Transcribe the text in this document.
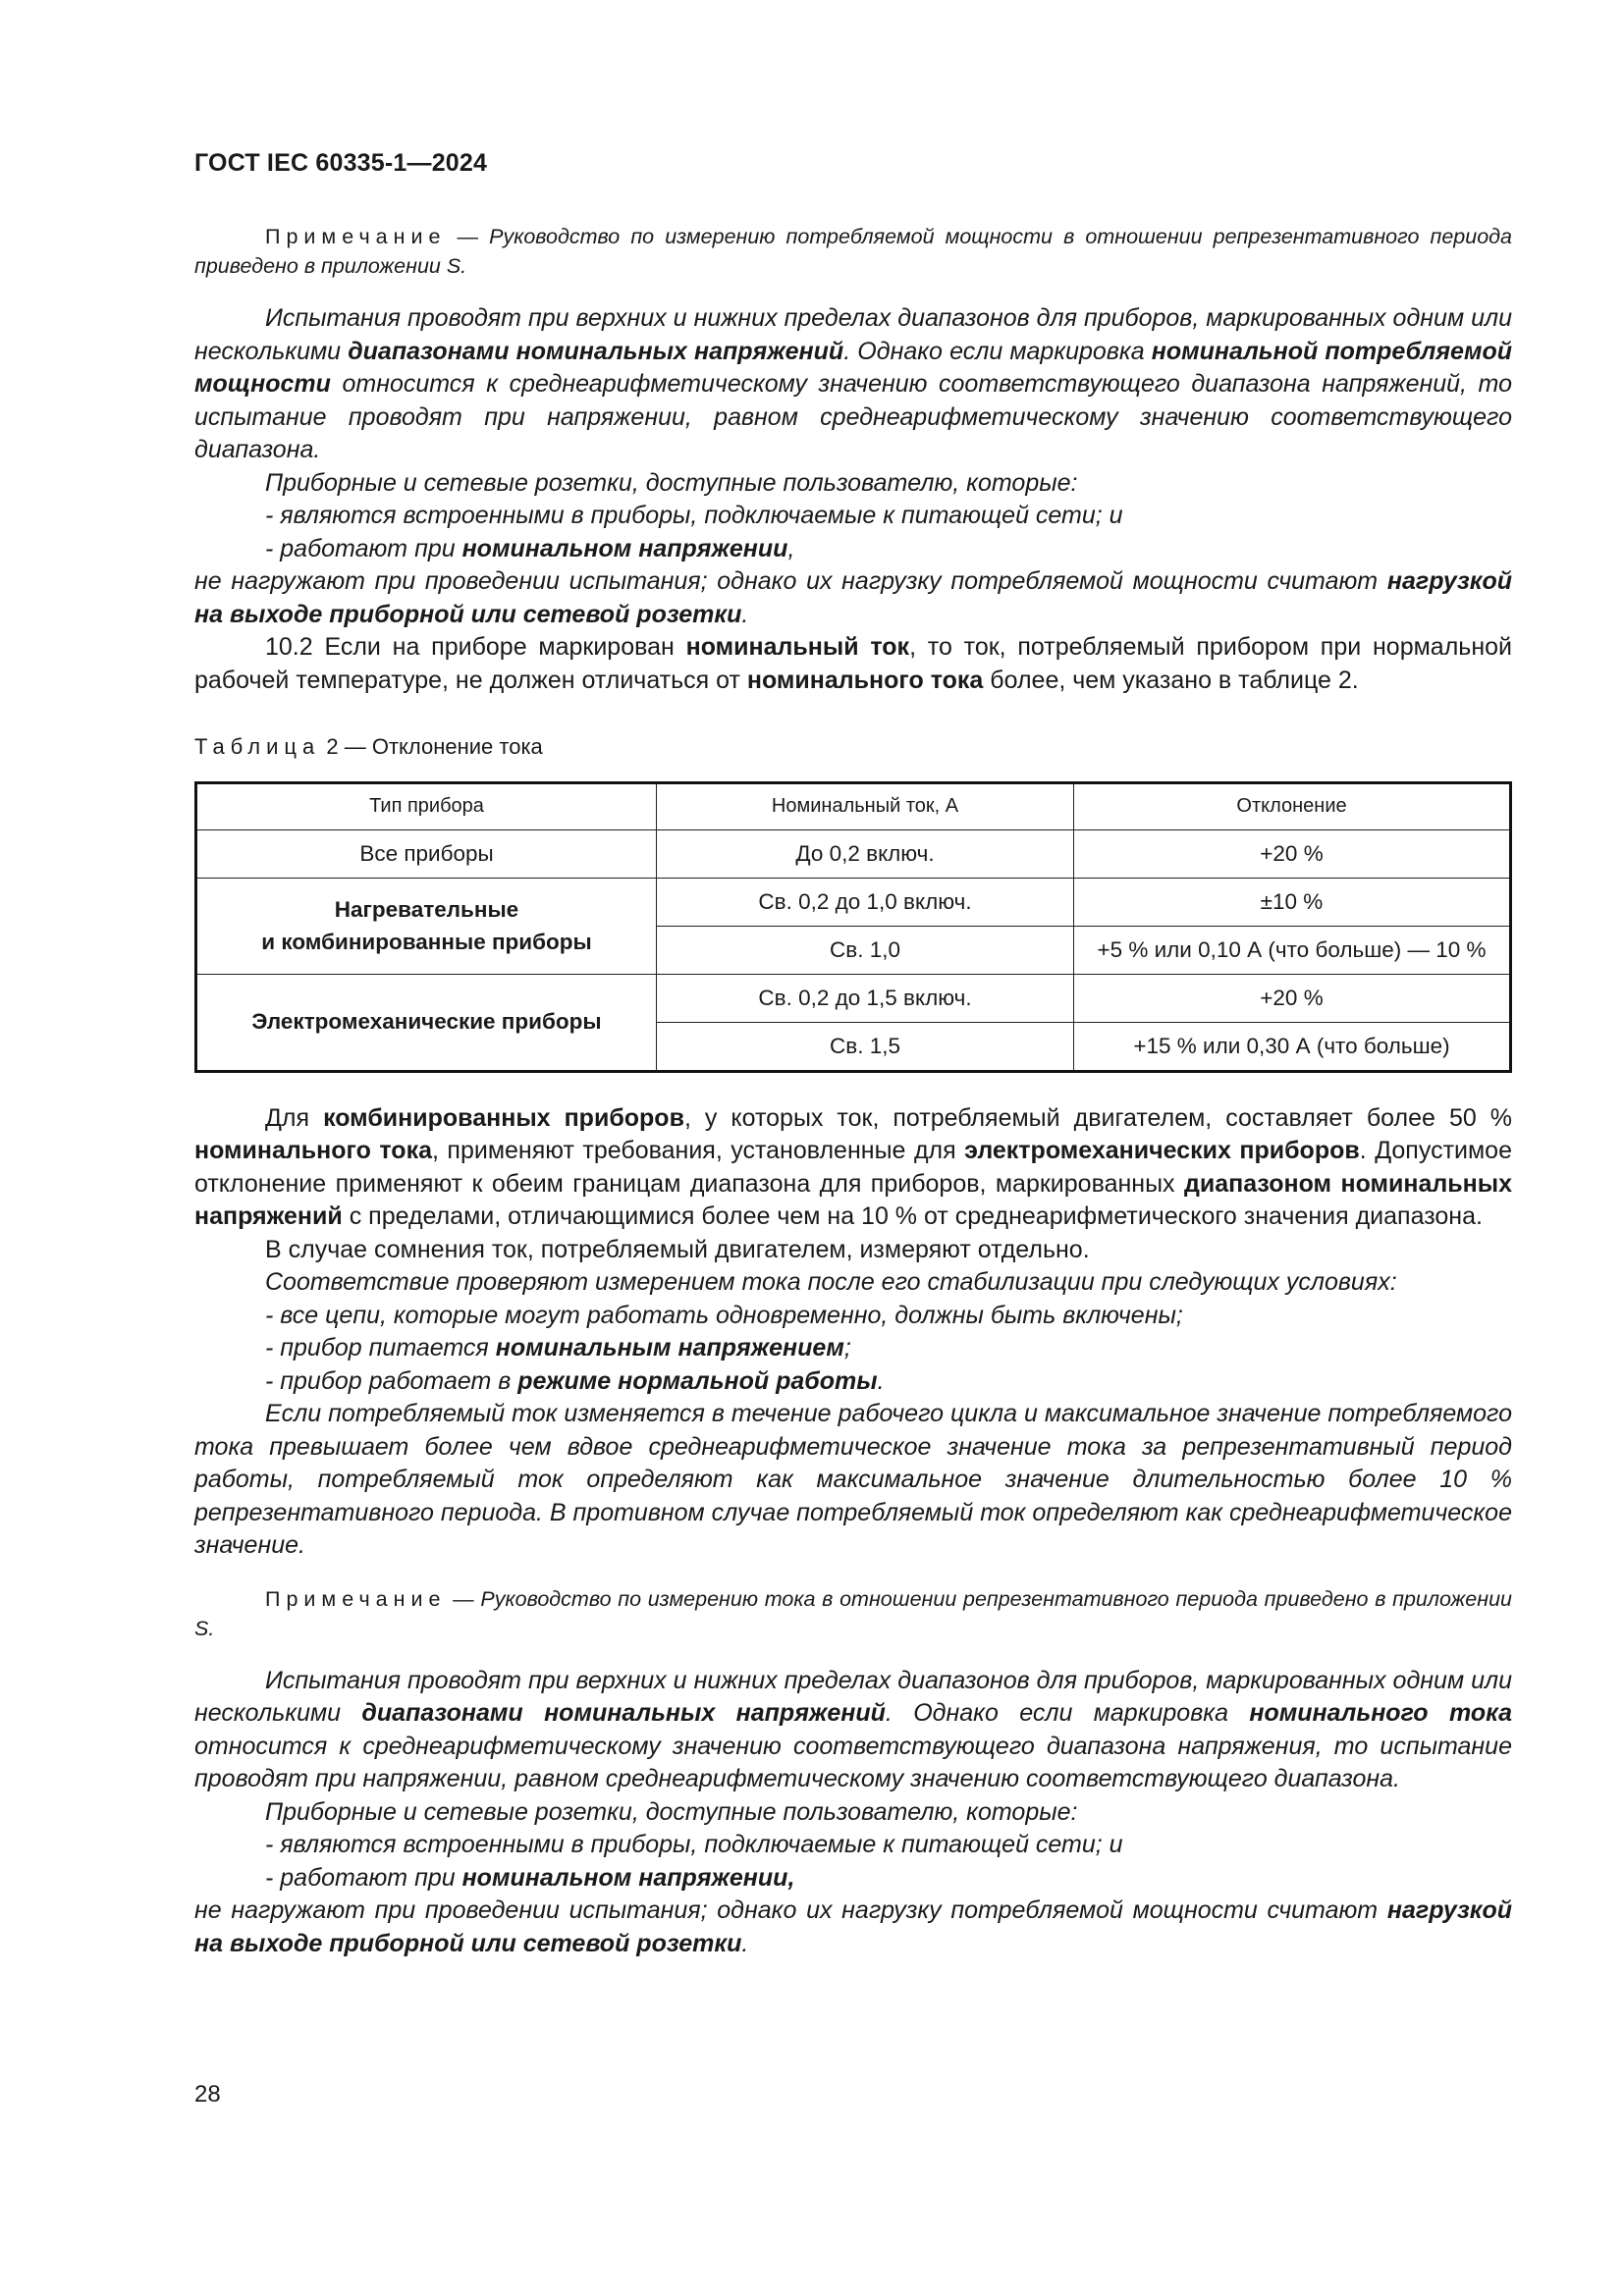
ГОСТ IEC 60335-1—2024

Примечание — Руководство по измерению потребляемой мощности в отношении репрезентативного периода приведено в приложении S.

Испытания проводят при верхних и нижних пределах диапазонов для приборов, маркированных одним или несколькими диапазонами номинальных напряжений. Однако если маркировка номинальной потребляемой мощности относится к среднеарифметическому значению соответствующего диапазона напряжений, то испытание проводят при напряжении, равном среднеарифметическому значению соответствующего диапазона.

Приборные и сетевые розетки, доступные пользователю, которые:

- являются встроенными в приборы, подключаемые к питающей сети; и

- работают при номинальном напряжении,

не нагружают при проведении испытания; однако их нагрузку потребляемой мощности считают нагрузкой на выходе приборной или сетевой розетки.

10.2 Если на приборе маркирован номинальный ток, то ток, потребляемый прибором при нормальной рабочей температуре, не должен отличаться от номинального тока более, чем указано в таблице 2.

Таблица 2 — Отклонение тока

Тип прибора	Номинальный ток, А	Отклонение
Все приборы	До 0,2 включ.	+20 %

Нагревательные
и комбинированные приборы	Св. 0,2 до 1,0 включ.	±10 %
	Св. 1,0	+5 % или 0,10 А (что больше) — 10 %
Электромеханические приборы	Св. 0,2 до 1,5 включ.	+20 %
	Св. 1,5	+15 % или 0,30 А (что больше)

Для комбинированных приборов, у которых ток, потребляемый двигателем, составляет более 50 % номинального тока, применяют требования, установленные для электромеханических приборов. Допустимое отклонение применяют к обеим границам диапазона для приборов, маркированных диапазоном номинальных напряжений с пределами, отличающимися более чем на 10 % от среднеарифметического значения диапазона.

В случае сомнения ток, потребляемый двигателем, измеряют отдельно.

Соответствие проверяют измерением тока после его стабилизации при следующих условиях:

- все цепи, которые могут работать одновременно, должны быть включены;

- прибор питается номинальным напряжением;

- прибор работает в режиме нормальной работы.

Если потребляемый ток изменяется в течение рабочего цикла и максимальное значение потребляемого тока превышает более чем вдвое среднеарифметическое значение тока за репрезентативный период работы, потребляемый ток определяют как максимальное значение длительностью более 10 % репрезентативного периода. В противном случае потребляемый ток определяют как среднеарифметическое значение.

Примечание — Руководство по измерению тока в отношении репрезентативного периода приведено в приложении S.

Испытания проводят при верхних и нижних пределах диапазонов для приборов, маркированных одним или несколькими диапазонами номинальных напряжений. Однако если маркировка номинального тока относится к среднеарифметическому значению соответствующего диапазона напряжения, то испытание проводят при напряжении, равном среднеарифметическому значению соответствующего диапазона.

Приборные и сетевые розетки, доступные пользователю, которые:

- являются встроенными в приборы, подключаемые к питающей сети; и

- работают при номинальном напряжении,

не нагружают при проведении испытания; однако их нагрузку потребляемой мощности считают нагрузкой на выходе приборной или сетевой розетки.

28
